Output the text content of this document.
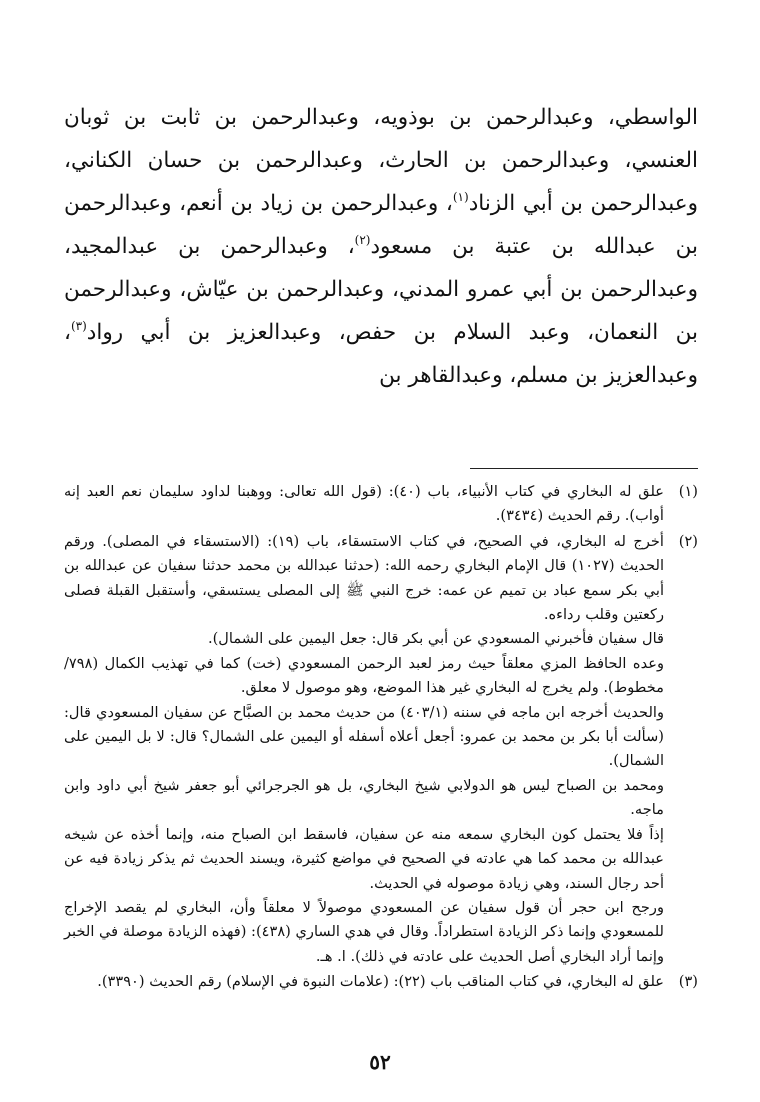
الواسطي، وعبدالرحمن بن بوذويه، وعبدالرحمن بن ثابت بن ثوبان العنسي، وعبدالرحمن بن الحارث، وعبدالرحمن بن حسان الكناني، وعبدالرحمن بن أبي الزناد$^{(١)}$، وعبدالرحمن بن زياد بن أنعم، وعبدالرحمن بن عبدالله بن عتبة بن مسعود$^{(٢)}$، وعبدالرحمن بن عبدالمجيد، وعبدالرحمن بن أبي عمرو المدني، وعبدالرحمن بن عيّاش، وعبدالرحمن بن النعمان، وعبد السلام بن حفص، وعبدالعزيز بن أبي رواد$^{(٣)}$، وعبدالعزيز بن مسلم، وعبدالقاهر بن

(١)

علق له البخاري في كتاب الأنبياء، باب (٤٠): (قول الله تعالى: ووهبنا لداود سليمان نعم العبد إنه أواب). رقم الحديث (٣٤٣٤).

(٢)

أخرج له البخاري، في الصحيح، في كتاب الاستسقاء، باب (١٩): (الاستسقاء في المصلى). ورقم الحديث (١٠٢٧) قال الإمام البخاري رحمه الله: (حدثنا عبدالله بن محمد حدثنا سفيان عن عبدالله بن أبي بكر سمع عباد بن تميم عن عمه: خرج النبي ﷺ إلى المصلى يستسقي، وأستقبل القبلة فصلى ركعتين وقلب رداءه.

قال سفيان فأخبرني المسعودي عن أبي بكر قال: جعل اليمين على الشمال).

وعده الحافظ المزي معلقاً حيث رمز لعبد الرحمن المسعودي (خت) كما في تهذيب الكمال (٧٩٨/ مخطوط). ولم يخرج له البخاري غير هذا الموضع، وهو موصول لا معلق.

والحديث أخرجه ابن ماجه في سننه (٤٠٣/١) من حديث محمد بن الصبَّاح عن سفيان المسعودي قال: (سألت أبا بكر بن محمد بن عمرو: أجعل أعلاه أسفله أو اليمين على الشمال؟ قال: لا بل اليمين على الشمال).

ومحمد بن الصباح ليس هو الدولابي شيخ البخاري، بل هو الجرجرائي أبو جعفر شيخ أبي داود وابن ماجه.

إذاً فلا يحتمل كون البخاري سمعه منه عن سفيان، فاسقط ابن الصباح منه، وإنما أخذه عن شيخه عبدالله بن محمد كما هي عادته في الصحيح في مواضع كثيرة، ويسند الحديث ثم يذكر زيادة فيه عن أحد رجال السند، وهي زيادة موصوله في الحديث.

ورجح ابن حجر أن قول سفيان عن المسعودي موصولاً لا معلقاً وأن، البخاري لم يقصد الإخراج للمسعودي وإنما ذكر الزيادة استطراداً. وقال في هدي الساري (٤٣٨): (فهذه الزيادة موصلة في الخبر وإنما أراد البخاري أصل الحديث على عادته في ذلك). ا. هـ.

(٣)

علق له البخاري، في كتاب المناقب باب (٢٢): (علامات النبوة في الإسلام) رقم الحديث (٣٣٩٠).

٥٢
